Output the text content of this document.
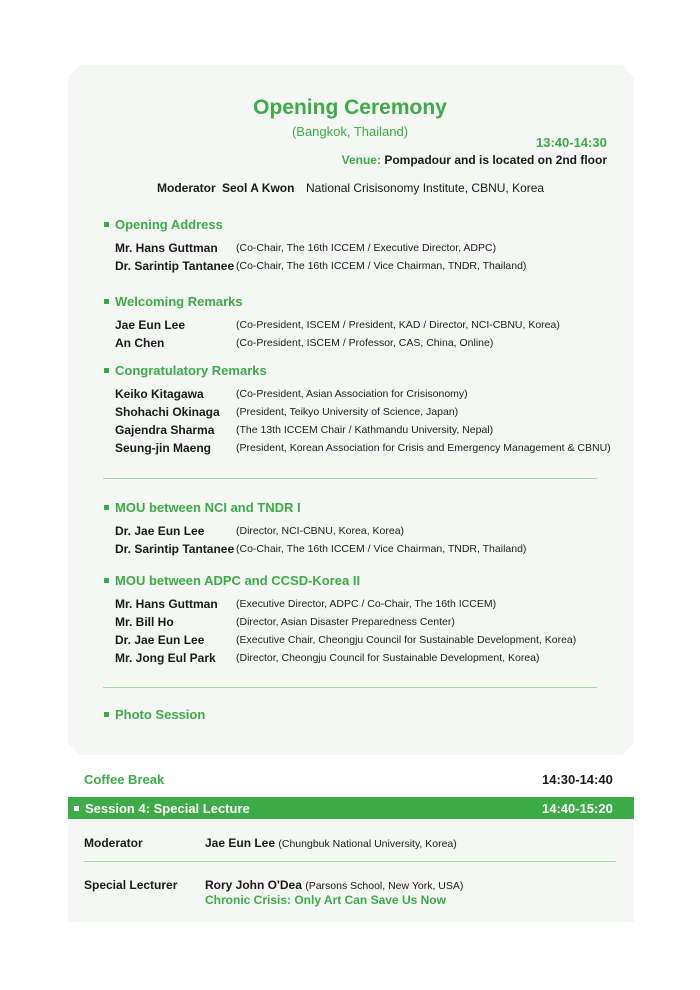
Opening Ceremony
(Bangkok, Thailand)
13:40-14:30
Venue: Pompadour and is located on 2nd floor
Moderator Seol A Kwon National Crisisonomy Institute, CBNU, Korea
Opening Address
Mr. Hans Guttman (Co-Chair, The 16th ICCEM / Executive Director, ADPC)
Dr. Sarintip Tantanee (Co-Chair, The 16th ICCEM / Vice Chairman, TNDR, Thailand)
Welcoming Remarks
Jae Eun Lee	(Co-President, ISCEM / President, KAD / Director, NCI-CBNU, Korea)
An Chen	(Co-President, ISCEM / Professor, CAS, China, Online)
Congratulatory Remarks
Keiko Kitagawa	(Co-President, Asian Association for Crisisonomy)
Shohachi Okinaga (President, Teikyo University of Science, Japan)
Gajendra Sharma (The 13th ICCEM Chair / Kathmandu University, Nepal)
Seung-jin Maeng (President, Korean Association for Crisis and Emergency Management & CBNU)
MOU between NCI and TNDR I
Dr. Jae Eun Lee	(Director, NCI-CBNU, Korea, Korea)
Dr. Sarintip Tantanee (Co-Chair, The 16th ICCEM / Vice Chairman, TNDR, Thailand)
MOU between ADPC and CCSD-Korea II
Mr. Hans Guttman (Executive Director, ADPC / Co-Chair, The 16th ICCEM)
Mr. Bill Ho	(Director, Asian Disaster Preparedness Center)
Dr. Jae Eun Lee	(Executive Chair, Cheongju Council for Sustainable Development, Korea)
Mr. Jong Eul Park (Director, Cheongju Council for Sustainable Development, Korea)
Photo Session
Coffee Break	14:30-14:40
Session 4: Special Lecture	14:40-15:20
Moderator	Jae Eun Lee (Chungbuk National University, Korea)
Special Lecturer Rory John O'Dea (Parsons School, New York, USA)
Chronic Crisis: Only Art Can Save Us Now
